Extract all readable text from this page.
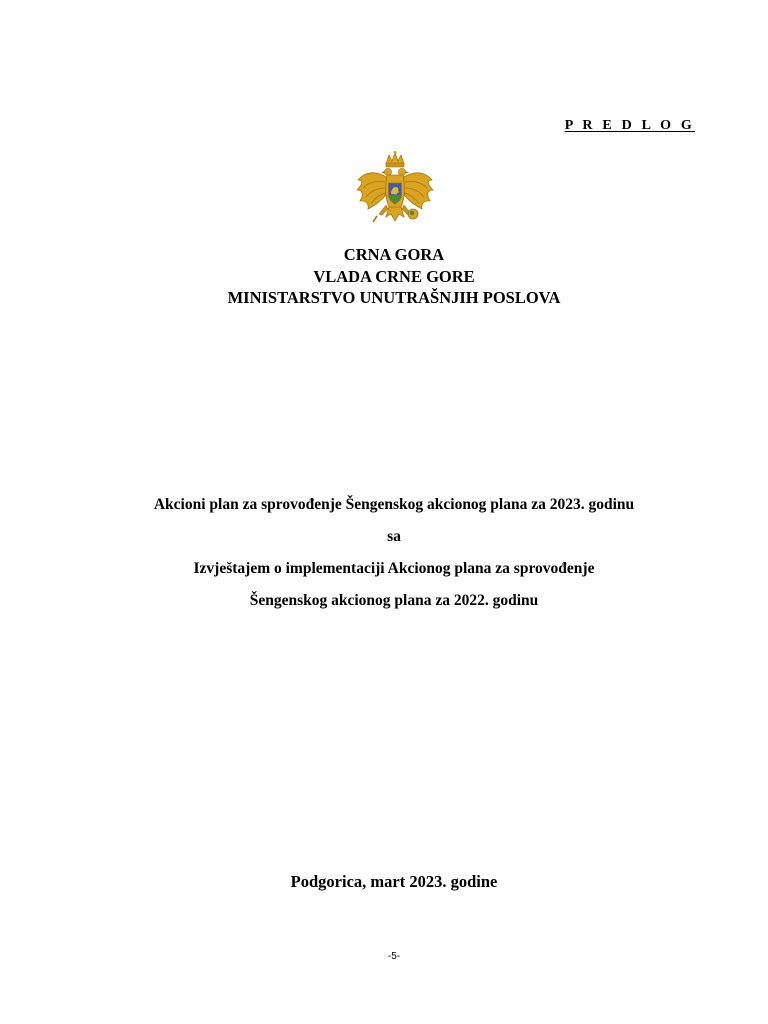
P R E D L O G
CRNA GORA
VLADA CRNE GORE
MINISTARSTVO UNUTRAŠNJIH POSLOVA
Akcioni plan za sprovođenje Šengenskog akcionog plana za 2023. godinu
sa
Izvještajem o implementaciji Akcionog plana za sprovođenje
Šengenskog akcionog plana za 2022. godinu
Podgorica, mart 2023. godine
-5-
